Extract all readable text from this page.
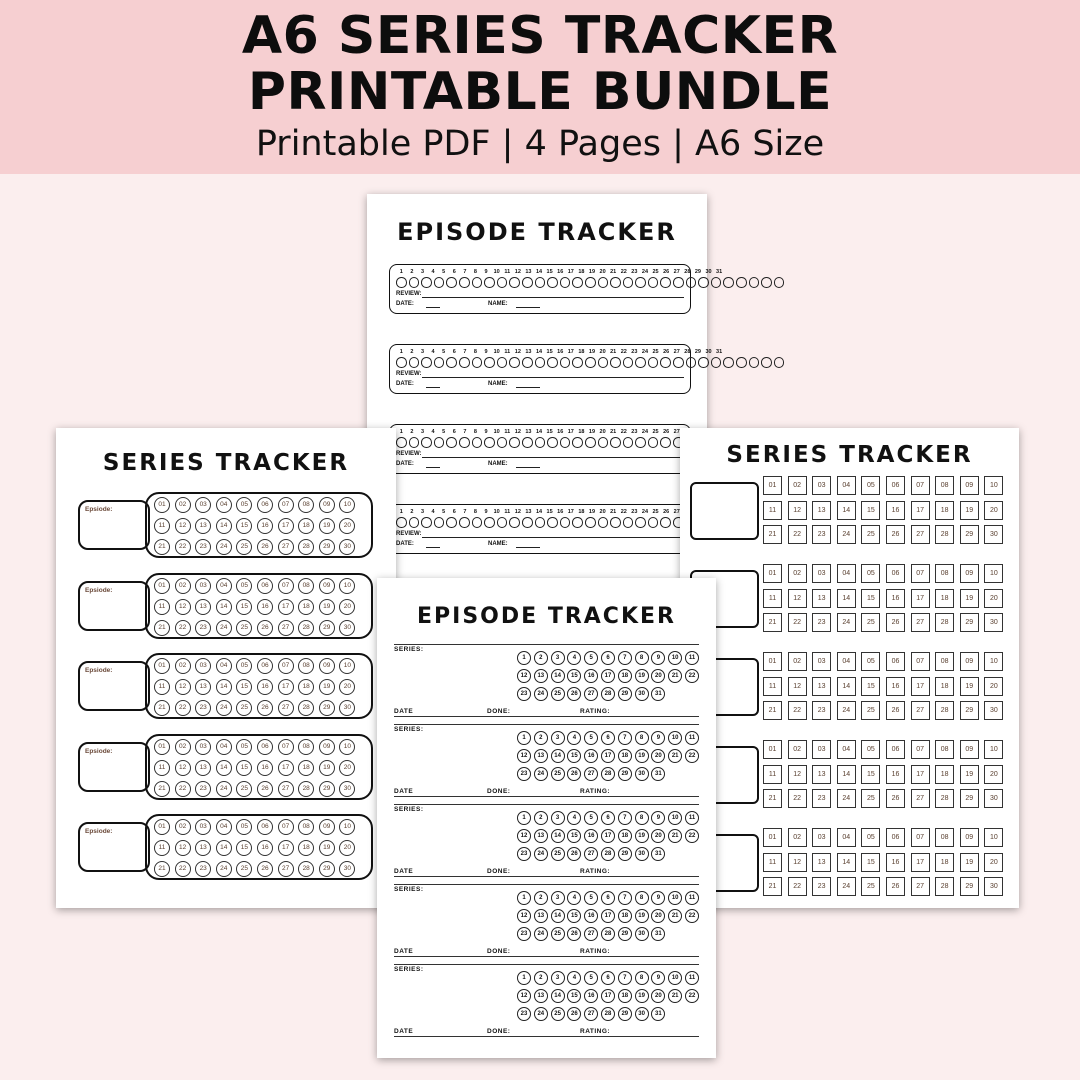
A6 SERIES TRACKER
PRINTABLE BUNDLE
Printable PDF | 4 Pages | A6 Size
EPISODE TRACKER
1	2	3	4	5	6	7	8	9	10 11 12 13 14 15 16 17 18 19 20 21 22 23 24 25 26 27 28 29 30 31
REVIEW:
DATE:	NAME:
1	2	3	4	5	6	7	8	9	10 11 12 13 14 15 16 17 18 19 20 21 22 23 24 25 26 27 28 29 30 31
REVIEW:
DATE:	NAME:
1	2	3	4	5	6	7	8	9	10 11 12 13 14 15 16 17 18 19 20 21 22 23 24 25 26 27
REVIEW:
DATE:	NAME:
1	2	3	4	5	6	7	8	9	10 11 12 13 14 15 16 17 18 19 20 21 22 23 24 25 26 27
REVIEW:
DATE:	NAME:
SERIES TRACKER
Epsiode:
01	02	03	04	05	06	07	08	09	10
11	12	13	14	15	16	17	18	19	20
21	22	23	24	25	26	27	28	29	30
Epsiode:
01	02	03	04	05	06	07	08	09	10
11	12	13	14	15	16	17	18	19	20
21	22	23	24	25	26	27	28	29	30
Epsiode:
01	02	03	04	05	06	07	08	09	10
11	12	13	14	15	16	17	18	19	20
21	22	23	24	25	26	27	28	29	30
Epsiode:
01	02	03	04	05	06	07	08	09	10
11	12	13	14	15	16	17	18	19	20
21	22	23	24	25	26	27	28	29	30
Epsiode:
01	02	03	04	05	06	07	08	09	10
11	12	13	14	15	16	17	18	19	20
21	22	23	24	25	26	27	28	29	30
SERIES TRACKER
01	02	03	04	05	06	07	08	09	10
11	12	13	14	15	16	17	18	19	20
21	22	23	24	25	26	27	28	29	30
01	02	03	04	05	06	07	08	09	10
11	12	13	14	15	16	17	18	19	20
21	22	23	24	25	26	27	28	29	30
01	02	03	04	05	06	07	08	09	10
11	12	13	14	15	16	17	18	19	20
21	22	23	24	25	26	27	28	29	30
01	02	03	04	05	06	07	08	09	10
11	12	13	14	15	16	17	18	19	20
21	22	23	24	25	26	27	28	29	30
01	02	03	04	05	06	07	08	09	10
11	12	13	14	15	16	17	18	19	20
21	22	23	24	25	26	27	28	29	30
EPISODE TRACKER
SERIES:
1	2	3	4	5	6	7	8	9	10	11
12	13	14	15	16	17	18	19	20	21	22
23	24	25	26	27	28	29	30	31
DATE	DONE:	RATING:
SERIES:
1	2	3	4	5	6	7	8	9	10	11
12	13	14	15	16	17	18	19	20	21	22
23	24	25	26	27	28	29	30	31
DATE	DONE:	RATING:
SERIES:
1	2	3	4	5	6	7	8	9	10	11
12	13	14	15	16	17	18	19	20	21	22
23	24	25	26	27	28	29	30	31
DATE	DONE:	RATING:
SERIES:
1	2	3	4	5	6	7	8	9	10	11
12	13	14	15	16	17	18	19	20	21	22
23	24	25	26	27	28	29	30	31
DATE	DONE:	RATING:
SERIES:
1	2	3	4	5	6	7	8	9	10	11
12	13	14	15	16	17	18	19	20	21	22
23	24	25	26	27	28	29	30	31
DATE	DONE:	RATING:
